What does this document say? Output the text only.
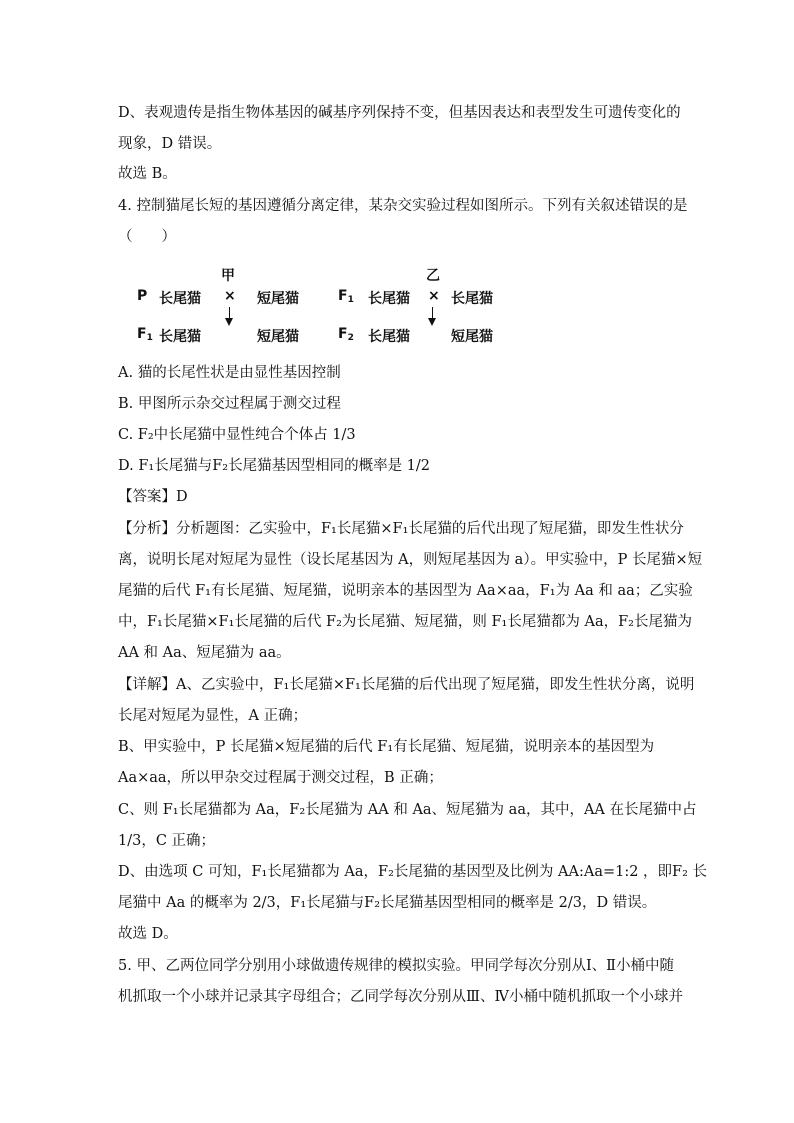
D、表观遗传是指生物体基因的碱基序列保持不变，但基因表达和表型发生可遗传变化的
现象，D 错误。
故选 B。
4. 控制猫尾长短的基因遵循分离定律，某杂交实验过程如图所示。下列有关叙述错误的是
（　　）
甲	乙
P 长尾猫 × 短尾猫	$F_1$ 长尾猫 × 长尾猫
$F_1$ 长尾猫	短尾猫	$F_2$ 长尾猫	短尾猫
A. 猫的长尾性状是由显性基因控制
B. 甲图所示杂交过程属于测交过程
C. F₂中长尾猫中显性纯合个体占 1/3
D. F₁长尾猫与F₂长尾猫基因型相同的概率是 1/2
【答案】D
【分析】分析题图：乙实验中，F₁长尾猫×F₁长尾猫的后代出现了短尾猫，即发生性状分
离，说明长尾对短尾为显性（设长尾基因为 A，则短尾基因为 a）。甲实验中，P 长尾猫×短
尾猫的后代 F₁有长尾猫、短尾猫，说明亲本的基因型为 Aa×aa，F₁为 Aa 和 aa；乙实验
中，F₁长尾猫×F₁长尾猫的后代 F₂为长尾猫、短尾猫，则 F₁长尾猫都为 Aa，F₂长尾猫为
AA 和 Aa、短尾猫为 aa。
【详解】A、乙实验中，F₁长尾猫×F₁长尾猫的后代出现了短尾猫，即发生性状分离，说明
长尾对短尾为显性，A 正确；
B、甲实验中，P 长尾猫×短尾猫的后代 F₁有长尾猫、短尾猫，说明亲本的基因型为
Aa×aa，所以甲杂交过程属于测交过程，B 正确；
C、则 F₁长尾猫都为 Aa，F₂长尾猫为 AA 和 Aa、短尾猫为 aa，其中，AA 在长尾猫中占
1/3，C 正确；
D、由选项 C 可知，F₁长尾猫都为 Aa，F₂长尾猫的基因型及比例为 AA:Aa=1:2 ，即F₂ 长
尾猫中 Aa 的概率为 2/3，F₁长尾猫与F₂长尾猫基因型相同的概率是 2/3，D 错误。
故选 D。
5. 甲、乙两位同学分别用小球做遗传规律的模拟实验。甲同学每次分别从Ⅰ、Ⅱ小桶中随
机抓取一个小球并记录其字母组合；乙同学每次分别从Ⅲ、Ⅳ小桶中随机抓取一个小球并
